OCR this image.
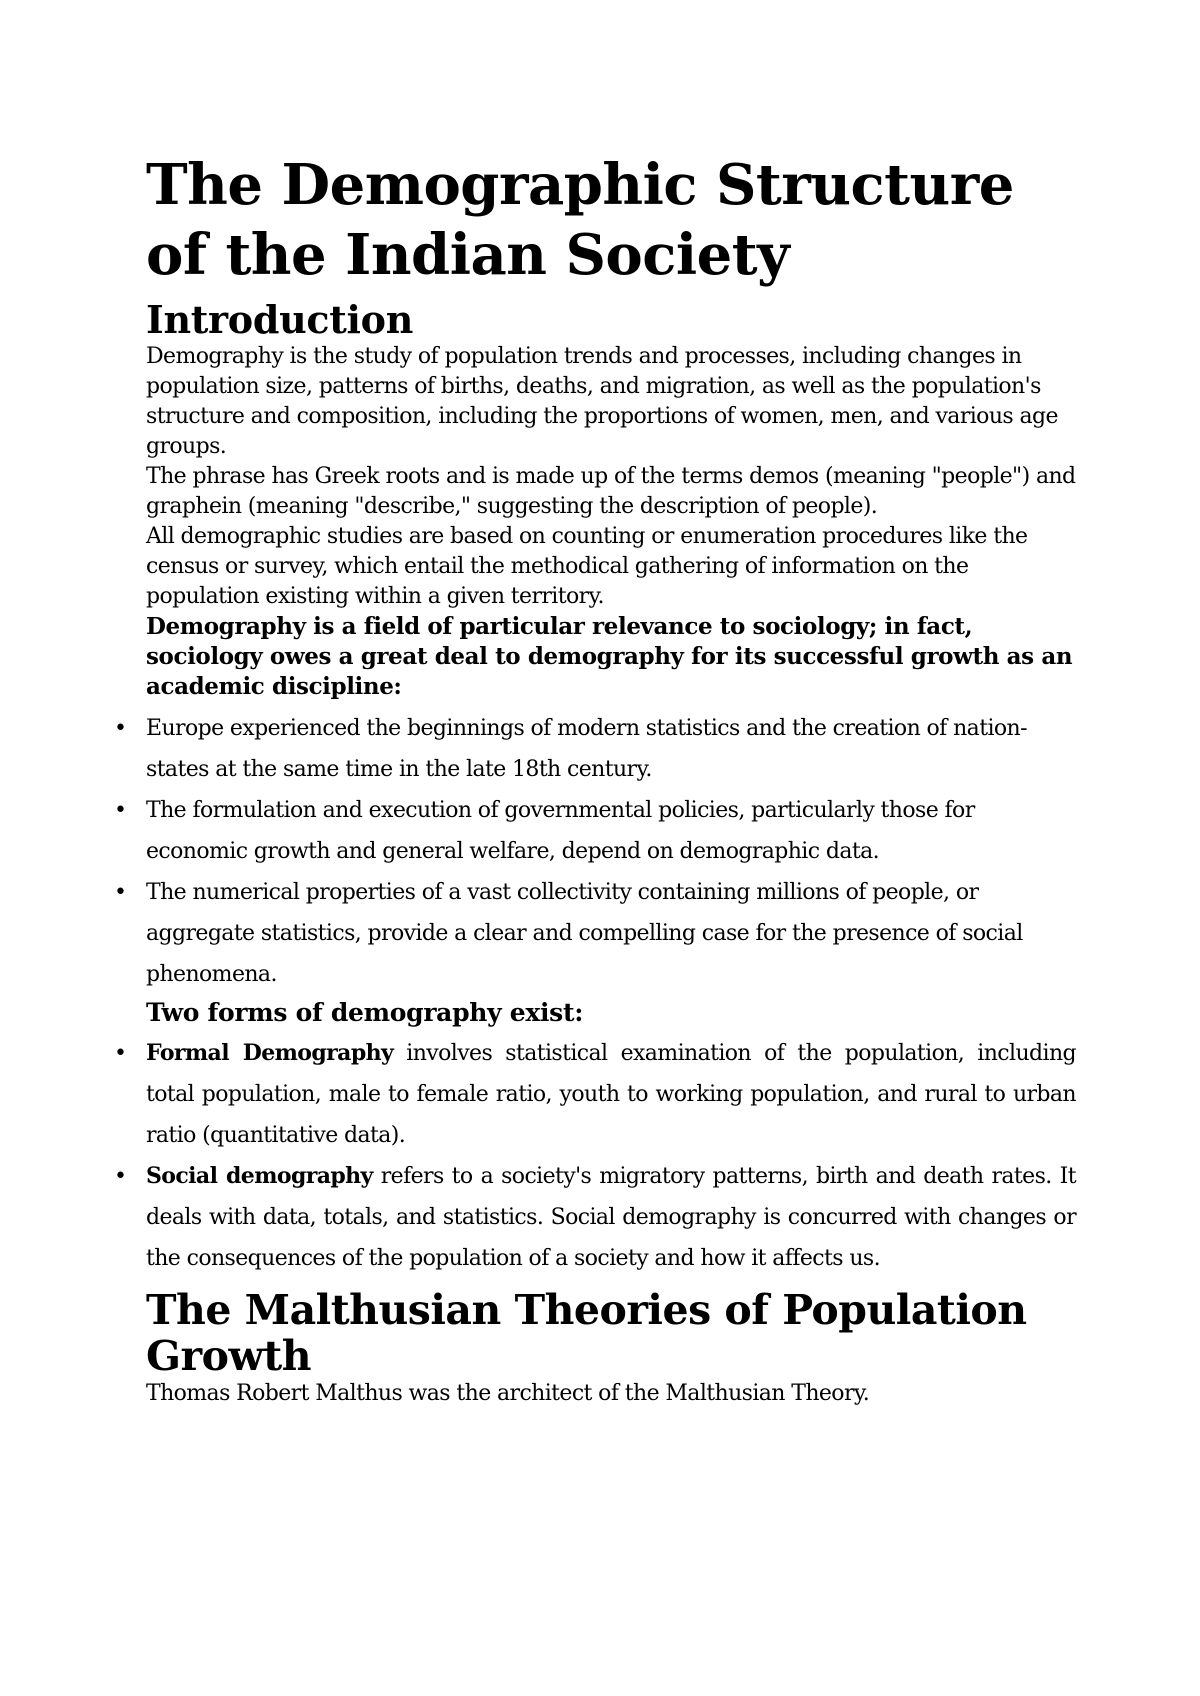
The Demographic Structure of the Indian Society
Introduction

Demography is the study of population trends and processes, including changes in population size, patterns of births, deaths, and migration, as well as the population's structure and composition, including the proportions of women, men, and various age groups.

The phrase has Greek roots and is made up of the terms demos (meaning "people") and graphein (meaning "describe," suggesting the description of people).

All demographic studies are based on counting or enumeration procedures like the census or survey, which entail the methodical gathering of information on the population existing within a given territory.

Demography is a field of particular relevance to sociology; in fact, sociology owes a great deal to demography for its successful growth as an academic discipline:

• Europe experienced the beginnings of modern statistics and the creation of nation-states at the same time in the late 18th century.
• The formulation and execution of governmental policies, particularly those for economic growth and general welfare, depend on demographic data.
• The numerical properties of a vast collectivity containing millions of people, or aggregate statistics, provide a clear and compelling case for the presence of social phenomena.

Two forms of demography exist:

• Formal Demography involves statistical examination of the population, including total population, male to female ratio, youth to working population, and rural to urban ratio (quantitative data).
• Social demography refers to a society's migratory patterns, birth and death rates. It deals with data, totals, and statistics. Social demography is concurred with changes or the consequences of the population of a society and how it affects us.
The Malthusian Theories of Population Growth

Thomas Robert Malthus was the architect of the Malthusian Theory.
